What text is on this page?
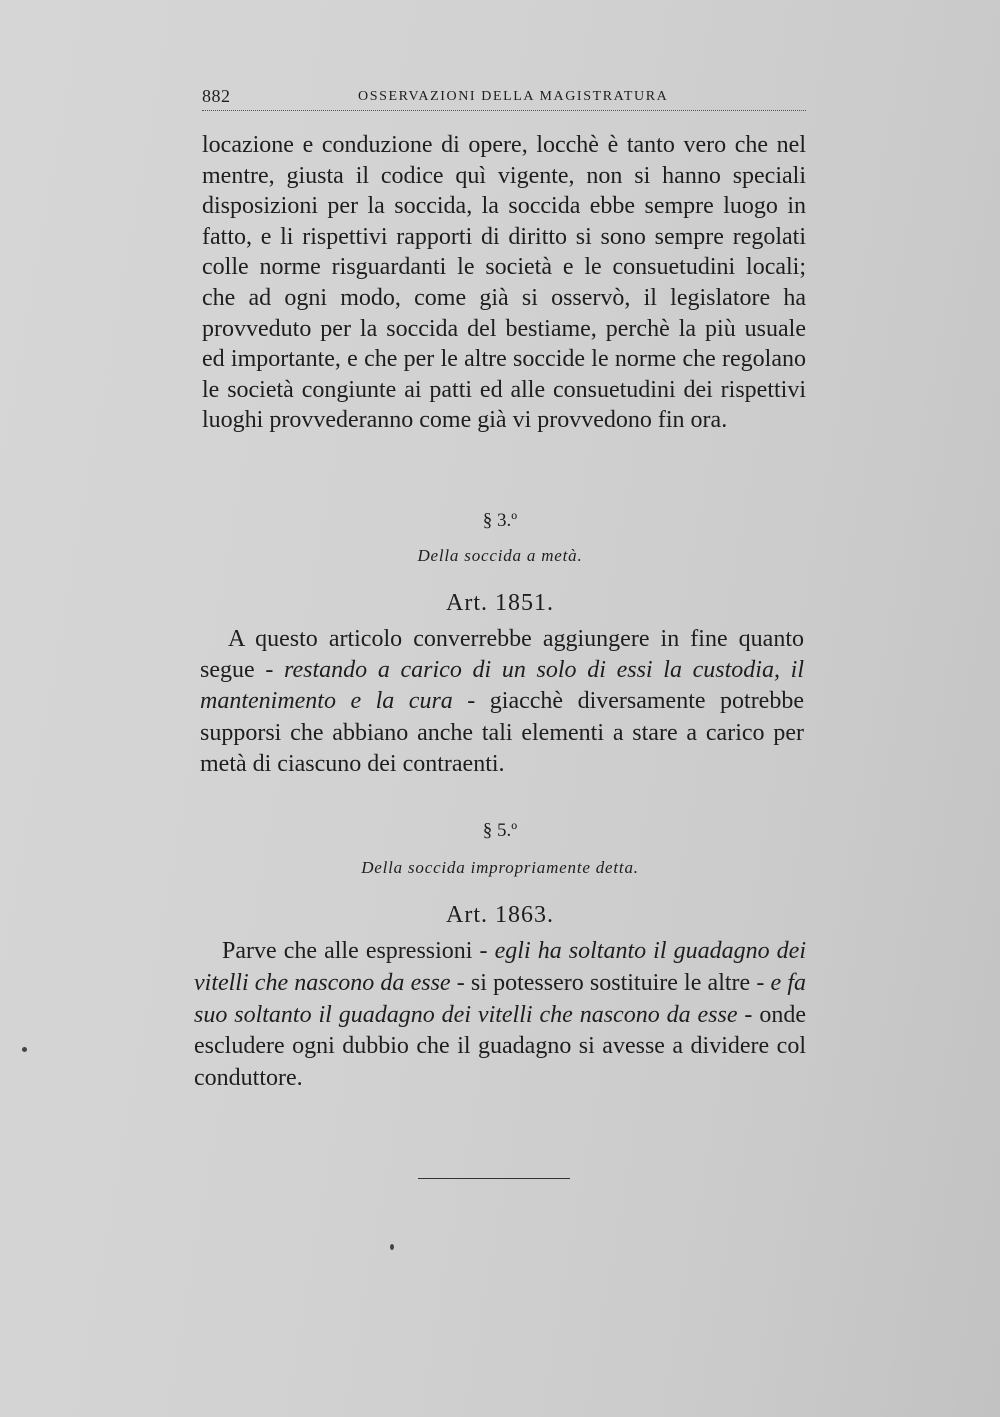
882	OSSERVAZIONI DELLA MAGISTRATURA

locazione e conduzione di opere, locchè è tanto vero che nel mentre, giusta il codice quì vigente, non si hanno speciali disposizioni per la soccida, la soccida ebbe sempre luogo in fatto, e li rispettivi rapporti di diritto si sono sempre regolati colle norme risguardanti le società e le consuetudini locali; che ad ogni modo, come già si osservò, il legislatore ha provveduto per la soccida del bestiame, perchè la più usuale ed importante, e che per le altre soccide le norme che regolano le società congiunte ai patti ed alle consuetudini dei rispettivi luoghi provvederanno come già vi provvedono fin ora.

§ 3.º
Della soccida a metà.
Art. 1851.

A questo articolo converrebbe aggiungere in fine quanto segue - restando a carico di un solo di essi la custodia, il mantenimento e la cura - giacchè diversamente potrebbe supporsi che abbiano anche tali elementi a stare a carico per metà di ciascuno dei contraenti.

§ 5.º
Della soccida impropriamente detta.
Art. 1863.

Parve che alle espressioni - egli ha soltanto il guadagno dei vitelli che nascono da esse - si potessero sostituire le altre - e fa suo soltanto il guadagno dei vitelli che nascono da esse - onde escludere ogni dubbio che il guadagno si avesse a dividere col conduttore.
